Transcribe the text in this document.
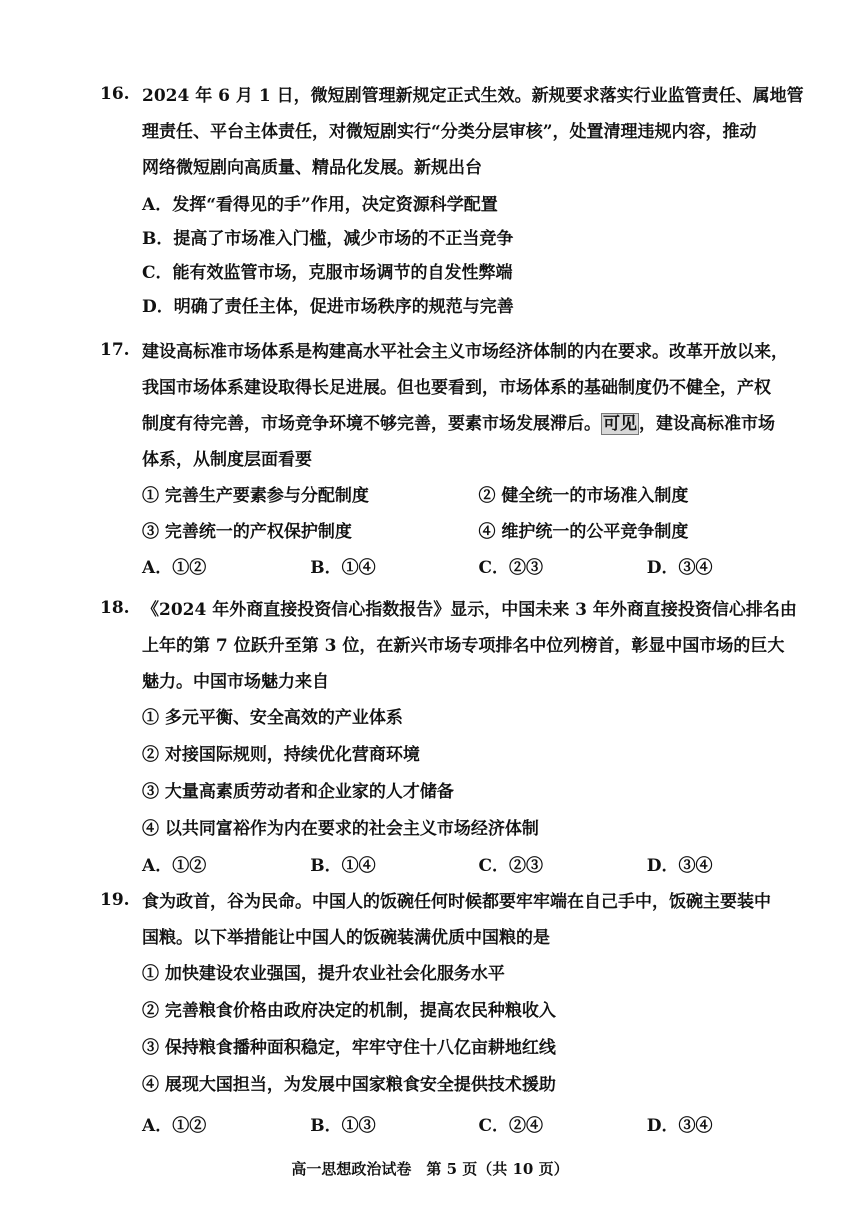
16. 2024 年 6 月 1 日，微短剧管理新规定正式生效。新规要求落实行业监管责任、属地管

理责任、平台主体责任，对微短剧实行“分类分层审核”，处置清理违规内容，推动

网络微短剧向高质量、精品化发展。新规出台

A．发挥“看得见的手”作用，决定资源科学配置
B．提高了市场准入门槛，减少市场的不正当竞争
C．能有效监管市场，克服市场调节的自发性弊端
D．明确了责任主体，促进市场秩序的规范与完善
17. 建设高标准市场体系是构建高水平社会主义市场经济体制的内在要求。改革开放以来，

我国市场体系建设取得长足进展。但也要看到，市场体系的基础制度仍不健全，产权

制度有待完善，市场竞争环境不够完善，要素市场发展滞后。 可见 ，建设高标准市场

体系，从制度层面看要

① 完善生产要素参与分配制度	② 健全统一的市场准入制度
③ 完善统一的产权保护制度	④ 维护统一的公平竞争制度
A．①②	B．①④	C．②③	D．③④
18. 《2024 年外商直接投资信心指数报告》显示，中国未来 3 年外商直接投资信心排名由

上年的第 7 位跃升至第 3 位，在新兴市场专项排名中位列榜首，彰显中国市场的巨大

魅力。中国市场魅力来自

① 多元平衡、安全高效的产业体系
② 对接国际规则，持续优化营商环境
③ 大量高素质劳动者和企业家的人才储备
④ 以共同富裕作为内在要求的社会主义市场经济体制
A．①②	B．①④	C．②③	D．③④
19. 食为政首，谷为民命。中国人的饭碗任何时候都要牢牢端在自己手中，饭碗主要装中

国粮。以下举措能让中国人的饭碗装满优质中国粮的是

① 加快建设农业强国，提升农业社会化服务水平
② 完善粮食价格由政府决定的机制，提高农民种粮收入
③ 保持粮食播种面积稳定，牢牢守住十八亿亩耕地红线
④ 展现大国担当，为发展中国家粮食安全提供技术援助
A．①②	B．①③	C．②④	D．③④
高一思想政治试卷　第 5 页（共 10 页）
